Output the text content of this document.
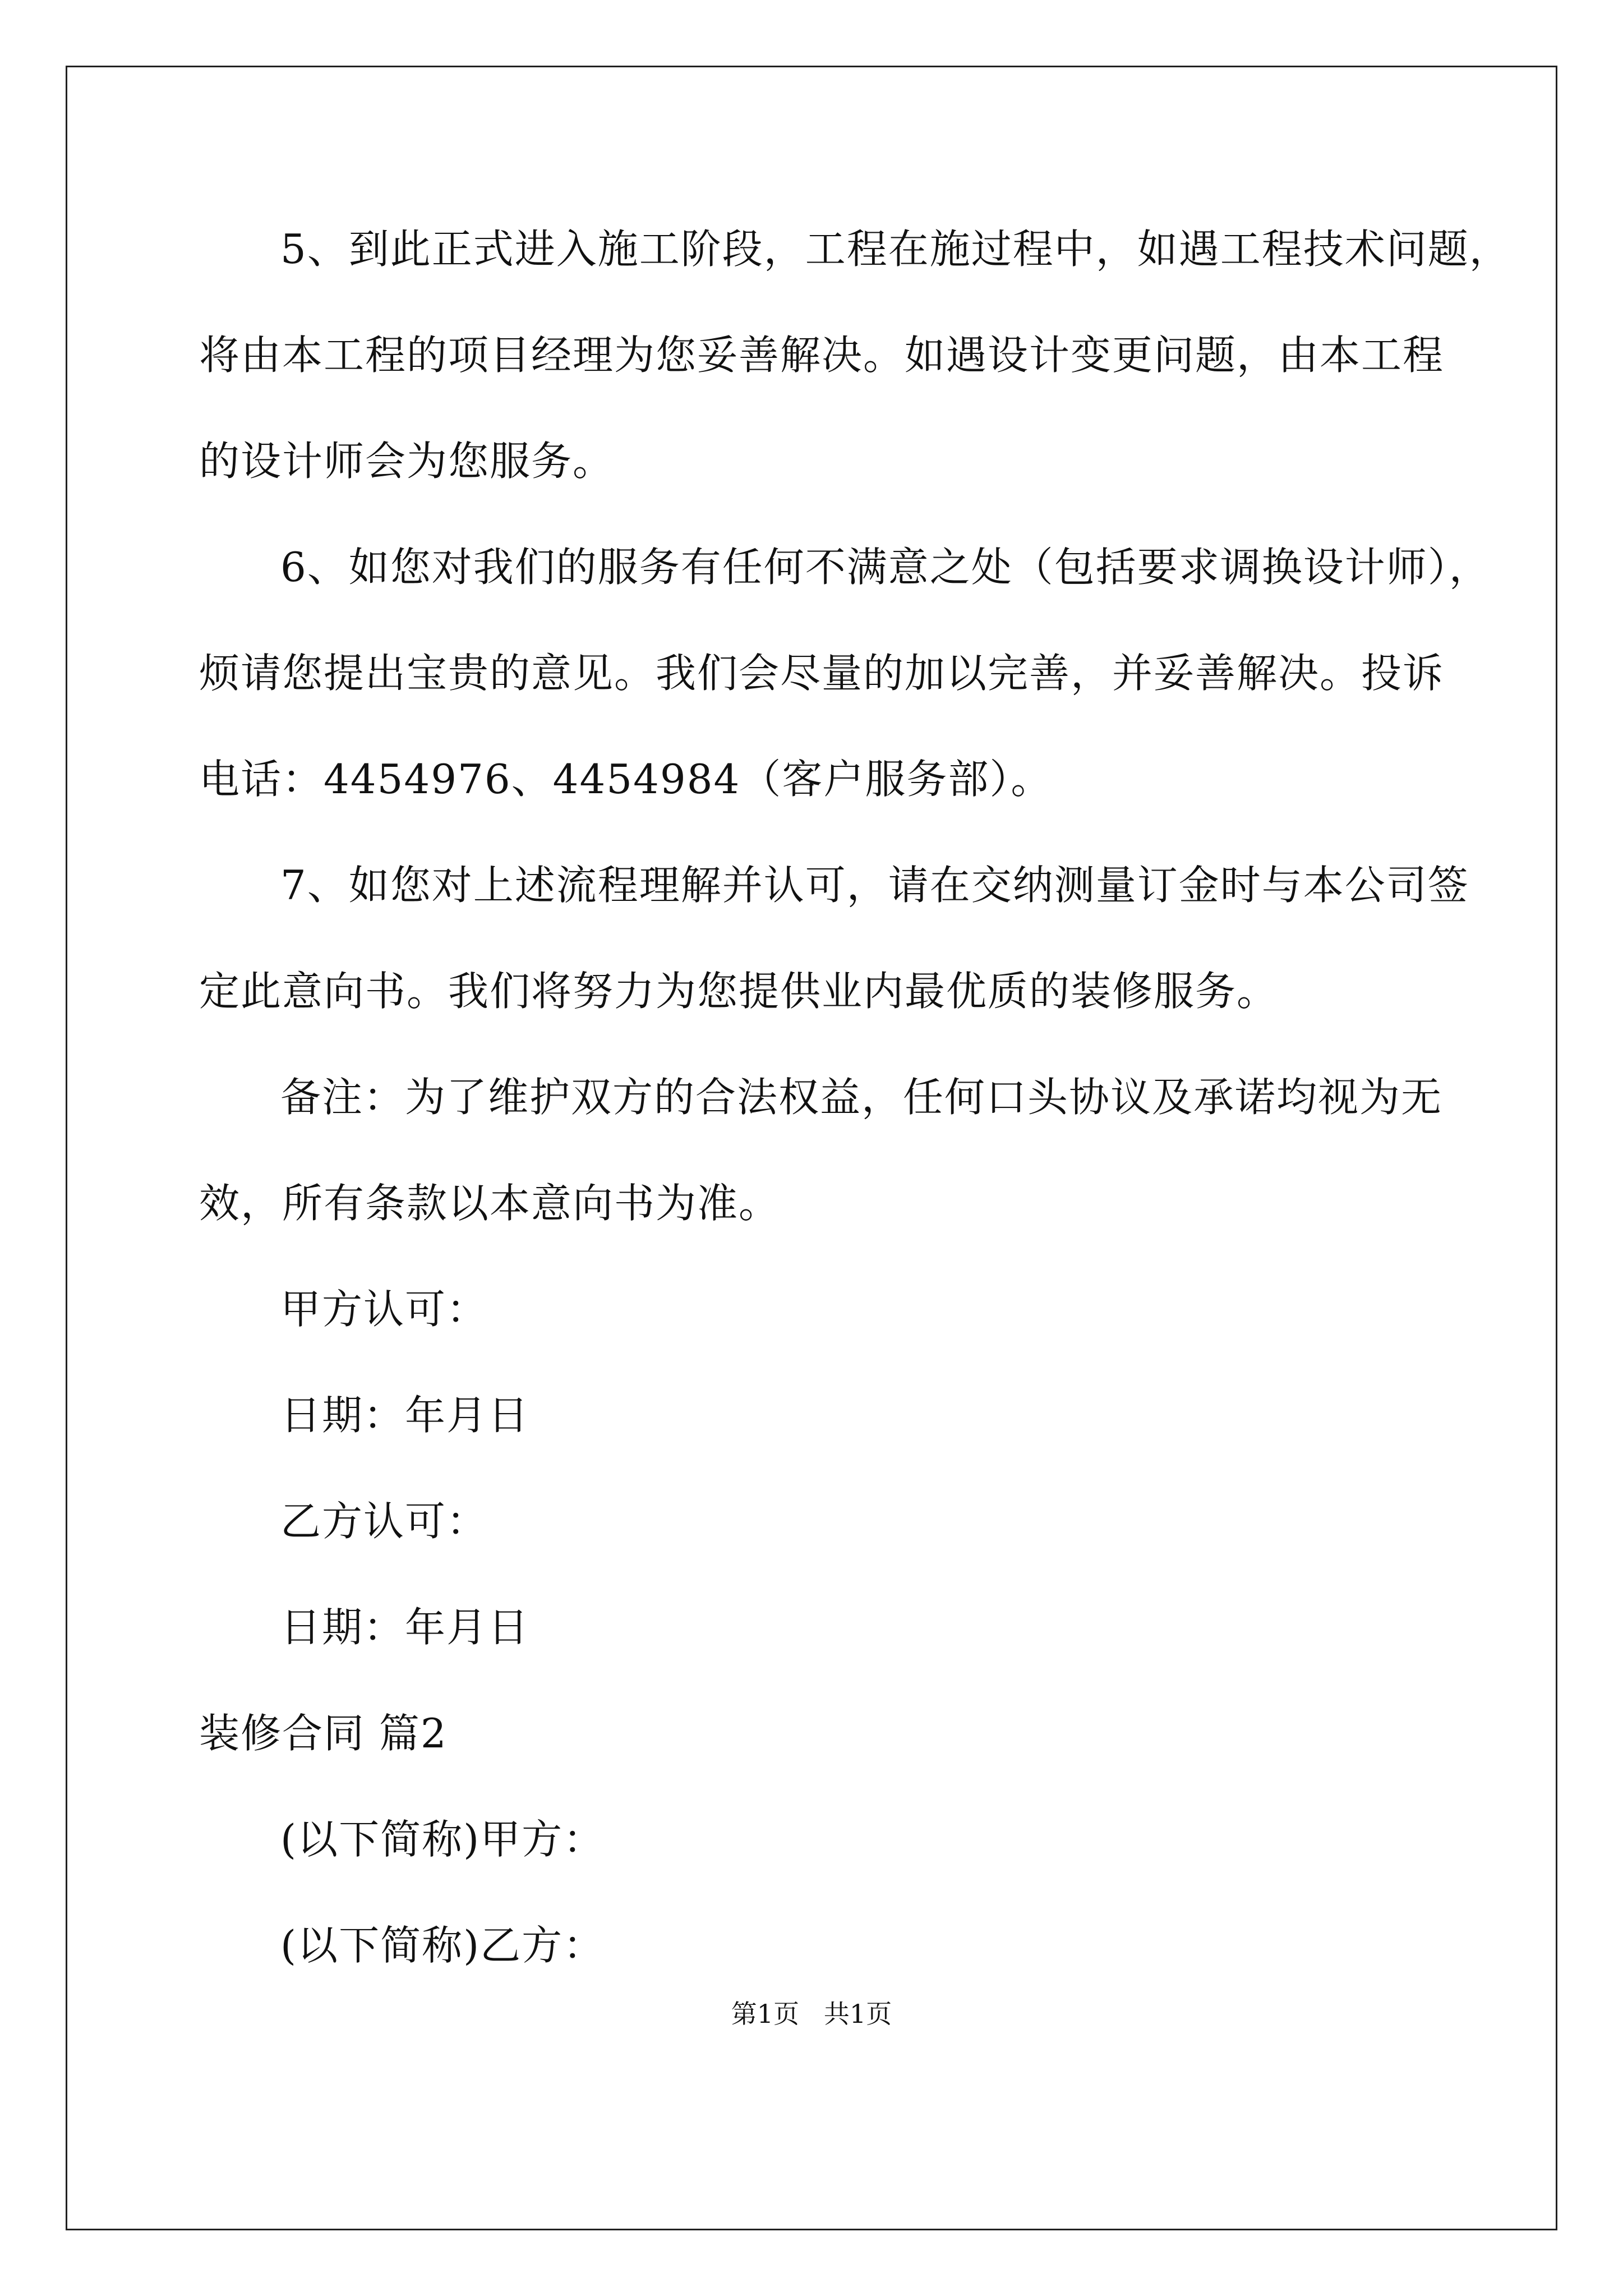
5、到此正式进入施工阶段，工程在施过程中，如遇工程技术问题，
将由本工程的项目经理为您妥善解决。如遇设计变更问题，由本工程
的设计师会为您服务。
6、如您对我们的服务有任何不满意之处（包括要求调换设计师），
烦请您提出宝贵的意见。我们会尽量的加以完善，并妥善解决。投诉
电话：4454976、4454984（客户服务部）。
7、如您对上述流程理解并认可，请在交纳测量订金时与本公司签
定此意向书。我们将努力为您提供业内最优质的装修服务。
备注：为了维护双方的合法权益，任何口头协议及承诺均视为无
效，所有条款以本意向书为准。
甲方认可：
日期：年月日
乙方认可：
日期：年月日
装修合同 篇2
(以下简称)甲方：
(以下简称)乙方：
第1页   共1页
